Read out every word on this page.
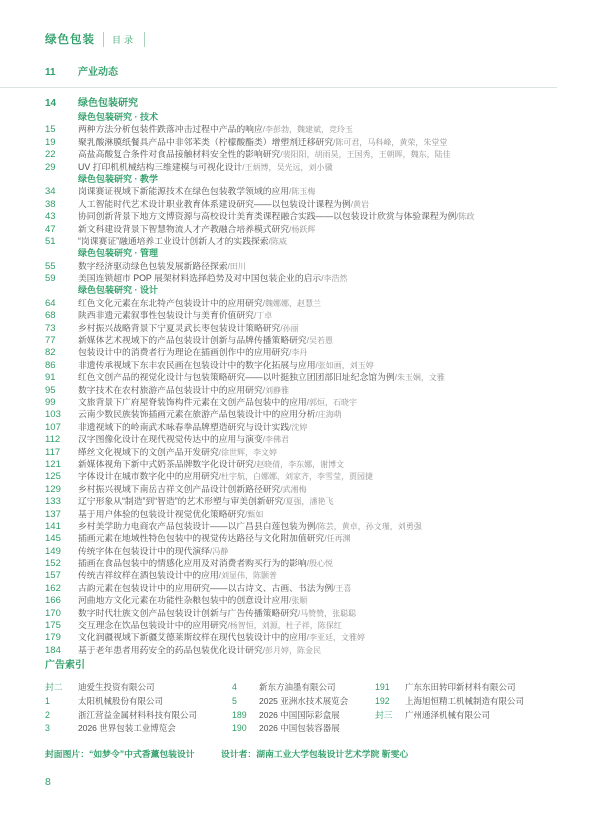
绿色包装 目录
11	产业动态
14	绿色包装研究
绿色包装研究 · 技术
15	两种方法分析包装件跌落冲击过程中产品的响应 / 李彭勃，魏建斌，竞玲玉
19	聚乳酸淋膜纸餐具产品中非邻苯类（柠檬酸酯类）增塑剂迁移研究 / 陈可君，马科峰，黄荣，朱堂堂
22	高盐高酸复合条件对食品接触材料安全性的影响研究 / 裴阳阳，胡雨昊，王国秀，王朝晖，魏东，陆佳
29	UV 打印机机械结构三维建模与可视化设计 / 王炳博，吴光远，刘小骥
绿色包装研究 · 教学
34	岗课赛证视域下新能源技术在绿色包装教学领域的应用 / 陈玉梅
38	人工智能时代艺术设计职业教育体系建设研究——以包装设计课程为例 / 黄岩
43	协同创新背景下地方文博资源与高校设计美育类课程融合实践——以包装设计欣赏与体验课程为例 / 陈政
47	新文科建设背景下智慧物流人才产教融合培养模式研究 / 杨跃辉
51	“岗课赛证”融通培养工业设计创新人才的实践探索 / 陈威
绿色包装研究 · 管理
55	数字经济驱动绿色包装发展新路径探索 / 田川
59	美国连锁超市 POP 展架材料选择趋势及对中国包装企业的启示 / 李浩然
绿色包装研究 · 设计
64	红色文化元素在东北特产包装设计中的应用研究 / 魏娜娜，赵慧兰
68	陕西非遗元素叙事性包装设计与美育价值研究 / 丁卓
73	乡村振兴战略背景下宁夏灵武长枣包装设计策略研究 / 孙丽
77	新媒体艺术视域下的产品包装设计创新与品牌传播策略研究 / 吴若愚
82	包装设计中的消费者行为理论在插画创作中的应用研究 / 李丹
86	非遗传承视域下东丰农民画在包装设计中的数字化拓展与应用 / 张如画，刘玉婷
91	红色文创产品的视觉化设计与包装策略研究——以叶挺独立团团部旧址纪念馆为例 / 朱玉娴，文雅
95	数字技术在农村旅游产品包装设计中的应用研究 / 刘静雅
99	文旅背景下广府屋脊装饰构件元素在文创产品包装中的应用 / 郭烜，石晓宇
103	云南少数民族装饰插画元素在旅游产品包装设计中的应用分析 / 庄海萌
107	非遗视域下的岭南武术咏春拳品牌塑造研究与设计实践 / 沈婷
112	汉字图像化设计在现代视觉传达中的应用与演变 / 李佛君
117	缂丝文化视域下的文创产品开发研究 / 徐世辉，李文婷
121	新媒体视角下新中式奶茶品牌数字化设计研究 / 赵晓倩，李东娜，谢博文
125	字体设计在城市数字化中的应用研究 / 杜宇航，白娜娜，刘家齐，李雪莹，贾园捷
129	乡村振兴视域下南岳吉祥文创产品设计创新路径研究 / 武湘梅
133	辽宁形象从“制造”到“智造”的艺术形塑与审美创新研究 / 夏强，潘艳飞
137	基于用户体验的包装设计视觉优化策略研究 / 甄如
141	乡村美学助力电商农产品包装设计——以广昌县白莲包装为例 / 陈芸，黄卓，孙文瑾，刘勇强
145	插画元素在地域性特色包装中的视觉传达路径与文化附加值研究 / 任再渊
149	传统字体在包装设计中的现代演绎 / 冯静
152	插画在食品包装中的情感化应用及对消费者购买行为的影响 / 殷心悦
157	传统吉祥纹样在酒包装设计中的应用 / 刘显伟，陈颢普
162	古韵元素在包装设计中的应用研究——以古诗文、古画、书法为例 / 王喜
166	河曲地方文化元素在功能性杂粮包装中的创意设计应用 / 张顺
170	数字时代壮族文创产品包装设计创新与广告传播策略研究 / 马赞赞，张聪聪
175	交互理念在饮品包装设计中的应用研究 / 杨智恒，刘源，杜子祥，陈保红
179	文化润疆视域下新疆艾德莱斯纹样在现代包装设计中的应用 / 李亚廷，文雅婷
184	基于老年患者用药安全的药品包装优化设计研究 / 彭月婷，陈金民
广告索引
封二	迪爱生投资有限公司
1	太阳机械股份有限公司
2	浙江营益金属材料科技有限公司
3	2026 世界包装工业博览会
4	新东方油墨有限公司
5	2025 亚洲水技术展览会
189	2026 中国国际彩盒展
190	2026 中国包装容器展
191	广东东田转印新材料有限公司
192	上海旭恒精工机械制造有限公司
封三	广州通泽机械有限公司
封面图片：“如梦令”中式香薰包装设计	设计者：湖南工业大学包装设计艺术学院 靳雯心
8
